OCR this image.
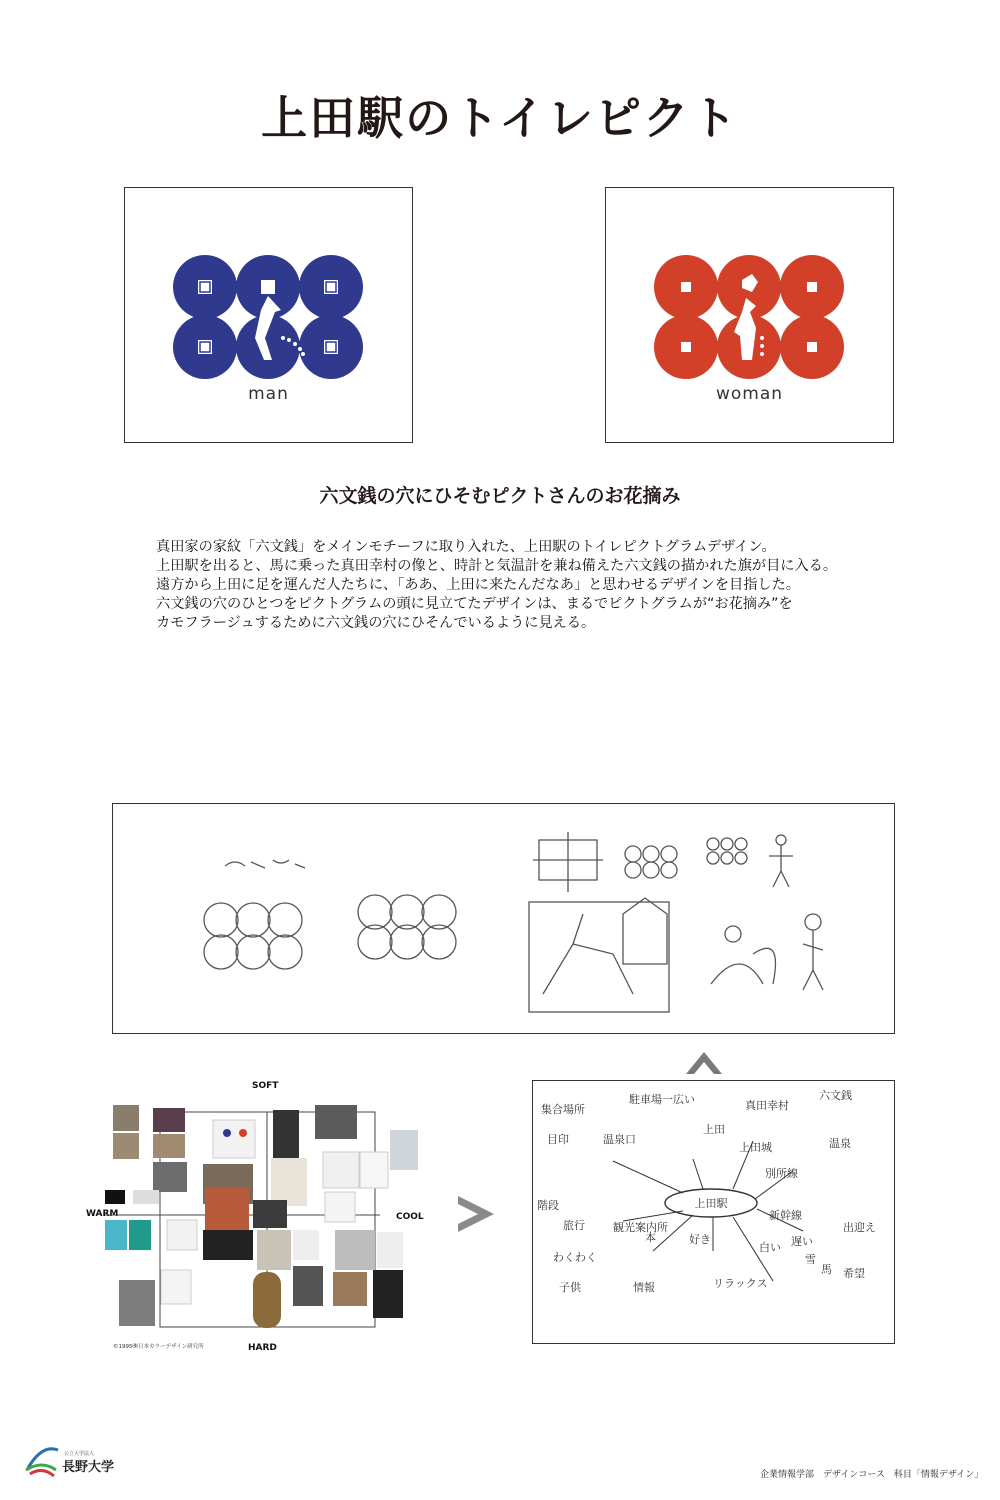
上田駅のトイレピクト
man	woman
六文銭の穴にひそむピクトさんのお花摘み

真田家の家紋「六文銭」をメインモチーフに取り入れた、上田駅のトイレピクトグラムデザイン。

上田駅を出ると、馬に乗った真田幸村の像と、時計と気温計を兼ね備えた六文銭の描かれた旗が目に入る。

遠方から上田に足を運んだ人たちに、「ああ、上田に来たんだなあ」と思わせるデザインを目指した。

六文銭の穴のひとつをピクトグラムの頭に見立てたデザインは、まるでピクトグラムが“お花摘み”を

カモフラージュするために六文銭の穴にひそんでいるように見える。

SOFT
HARD
WARM	COOL
©1995㈱日本カラーデザイン研究所
上田駅
集合場所
駐車場一広い
上田
真田幸村
六文銭
目印	温泉口
上田城
別所線
温泉
階段
新幹線
旅行	出迎え
観光案内所
本	好き
白い 遅い
雪
馬 希望
情報	リラックス
子供
わくわく
公立大学法人
長野大学	企業情報学部　デザインコース　科目「情報デザイン」
